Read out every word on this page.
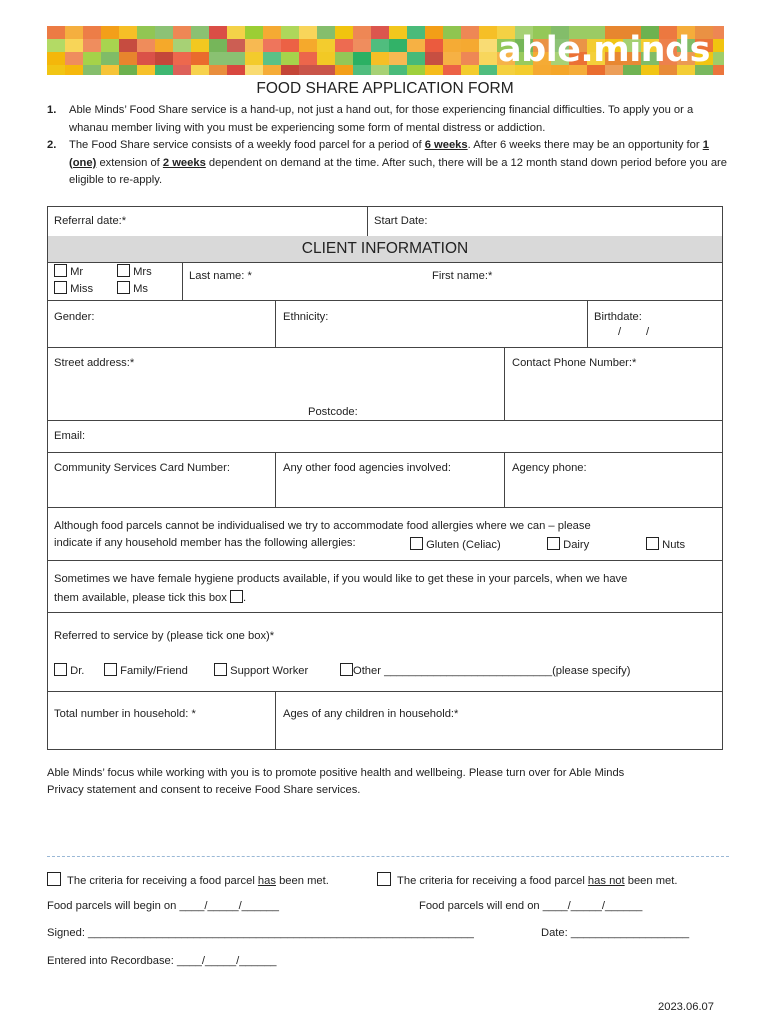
able.minds
FOOD SHARE APPLICATION FORM
1. Able Minds’ Food Share service is a hand-up, not just a hand out, for those experiencing financial difficulties. To apply you or a whanau member living with you must be experiencing some form of mental distress or addiction.
2. The Food Share service consists of a weekly food parcel for a period of 6 weeks. After 6 weeks there may be an opportunity for 1 (one) extension of 2 weeks dependent on demand at the time. After such, there will be a 12 month stand down period before you are eligible to re-apply.
Referral date:*	Start Date:
CLIENT INFORMATION
Mr	Mrs
Miss	Ms
Last name: *	First name:*
Gender:	Ethnicity:	Birthdate:
/        /
Street address:*
Postcode:
Contact Phone Number:*
Email:
Community Services Card Number:	Any other food agencies involved:	Agency phone:
Although food parcels cannot be individualised we try to accommodate food allergies where we can – please
indicate if any household member has the following allergies:	Gluten (Celiac)	Dairy	Nuts
Sometimes we have female hygiene products available, if you would like to get these in your parcels, when we have
them available, please tick this box .
Referred to service by (please tick one box)*
Dr.	Family/Friend	Support Worker	Other ___________________________(please specify)
Total number in household: *	Ages of any children in household:*
Able Minds’ focus while working with you is to promote positive health and wellbeing. Please turn over for Able Minds
Privacy statement and consent to receive Food Share services.
The criteria for receiving a food parcel has been met.	The criteria for receiving a food parcel has not been met.
Food parcels will begin on ____/_____/______	Food parcels will end on ____/_____/______
Signed: ______________________________________________________________	Date: ___________________
Entered into Recordbase: ____/_____/______
2023.06.07
